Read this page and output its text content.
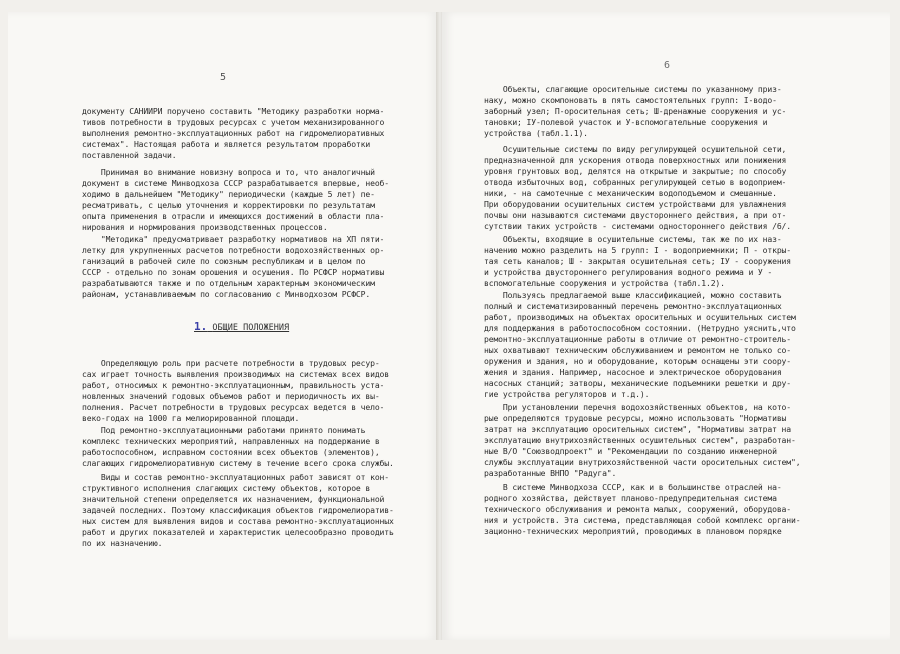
5
документу САНИИРИ поручено составить "Методику разработки норма-
тивов потребности в трудовых ресурсах с учетом механизированного
выполнения ремонтно-эксплуатационных работ на гидромелиоративных
системах". Настоящая работа и является результатом проработки
поставленной задачи.
Принимая во внимание новизну вопроса и то, что аналогичный
документ в системе Минводхоза СССР разрабатывается впервые, необ-
ходимо в дальнейшем "Методику" периодически (каждые 5 лет) пе-
ресматривать, с целью уточнения и корректировки по результатам
опыта применения в отрасли и имеющихся достижений в области пла-
нирования и нормирования производственных процессов.
"Методика" предусматривает разработку нормативов на XП пяти-
летку для укрупненных расчетов потребности водохозяйственных ор-
ганизаций в рабочей силе по союзным республикам и в целом по
СССР - отдельно по зонам орошения и осушения. По РСФСР нормативы
разрабатываются также и по отдельным характерным экономическим
районам, устанавливаемым по согласованию с Минводхозом РСФСР.
1. ОБЩИЕ ПОЛОЖЕНИЯ
Определяющую роль при расчете потребности в трудовых ресур-
сах играет точность выявления производимых на системах всех видов
работ, относимых к ремонтно-эксплуатационным, правильность уста-
новленных значений годовых объемов работ и периодичность их вы-
полнения. Расчет потребности в трудовых ресурсах ведется в чело-
веко-годах на 1000 га мелиорированной площади.
Под ремонтно-эксплуатационными работами принято понимать
комплекс технических мероприятий, направленных на поддержание в
работоспособном, исправном состоянии всех объектов (элементов),
слагающих гидромелиоративную систему в течение всего срока службы.
Виды и состав ремонтно-эксплуатационных работ зависят от кон-
структивного исполнения слагающих систему объектов, которое в
значительной степени определяется их назначением, функциональной
задачей последних. Поэтому классификация объектов гидромелиоратив-
ных систем для выявления видов и состава ремонтно-эксплуатационных
работ и других показателей и характеристик целесообразно проводить
по их назначению.
6
Объекты, слагающие оросительные системы по указанному приз-
наку, можно скомпоновать в пять самостоятельных групп: I-водо-
заборный узел; П-оросительная сеть; Ш-дренажные сооружения и ус-
тановки; IУ-полевой участок и У-вспомогательные сооружения и
устройства (табл.1.1).
Осушительные системы по виду регулирующей осушительной сети,
предназначенной для ускорения отвода поверхностных или понижения
уровня грунтовых вод, делятся на открытые и закрытые; по способу
отвода избыточных вод, собранных регулирующей сетью в водоприем-
ники, - на самотечные с механическим водоподъемом и смешанные.
При оборудовании осушительных систем устройствами для увлажнения
почвы они называются системами двустороннего действия, а при от-
сутствии таких устройств - системами одностороннего действия /6/.
Объекты, входящие в осушительные системы, так же по их наз-
начению можно разделить на 5 групп: I - водоприемники; П - откры-
тая сеть каналов; Ш - закрытая осушительная сеть; IУ - сооружения
и устройства двустороннего регулирования водного режима и У -
вспомогательные сооружения и устройства (табл.1.2).
Пользуясь предлагаемой выше классификацией, можно составить
полный и систематизированный перечень ремонтно-эксплуатационных
работ, производимых на объектах оросительных и осушительных систем
для поддержания в работоспособном состоянии. (Нетрудно уяснить,что
ремонтно-эксплуатационные работы в отличие от ремонтно-строитель-
ных охватывают техническим обслуживанием и ремонтом не только со-
оружения и здания, но и оборудование, которым оснащены эти соору-
жения и здания. Например, насосное и электрическое оборудования
насосных станций; затворы, механические подъемники решетки и дру-
гие устройства регуляторов и т.д.).
При установлении перечня водохозяйственных объектов, на кото-
рые определяются трудовые ресурсы, можно использовать "Нормативы
затрат на эксплуатацию оросительных систем", "Нормативы затрат на
эксплуатацию внутрихозяйственных осушительных систем", разработан-
ные В/О "Союзводпроект" и "Рекомендации по созданию инженерной
службы эксплуатации внутрихозяйственной части оросительных систем",
разработанные ВНПО "Радуга".
В системе Минводхоза СССР, как и в большинстве отраслей на-
родного хозяйства, действует планово-предупредительная система
технического обслуживания и ремонта малых, сооружений, оборудова-
ния и устройств. Эта система, представляющая собой комплекс органи-
зационно-технических мероприятий, проводимых в плановом порядке
